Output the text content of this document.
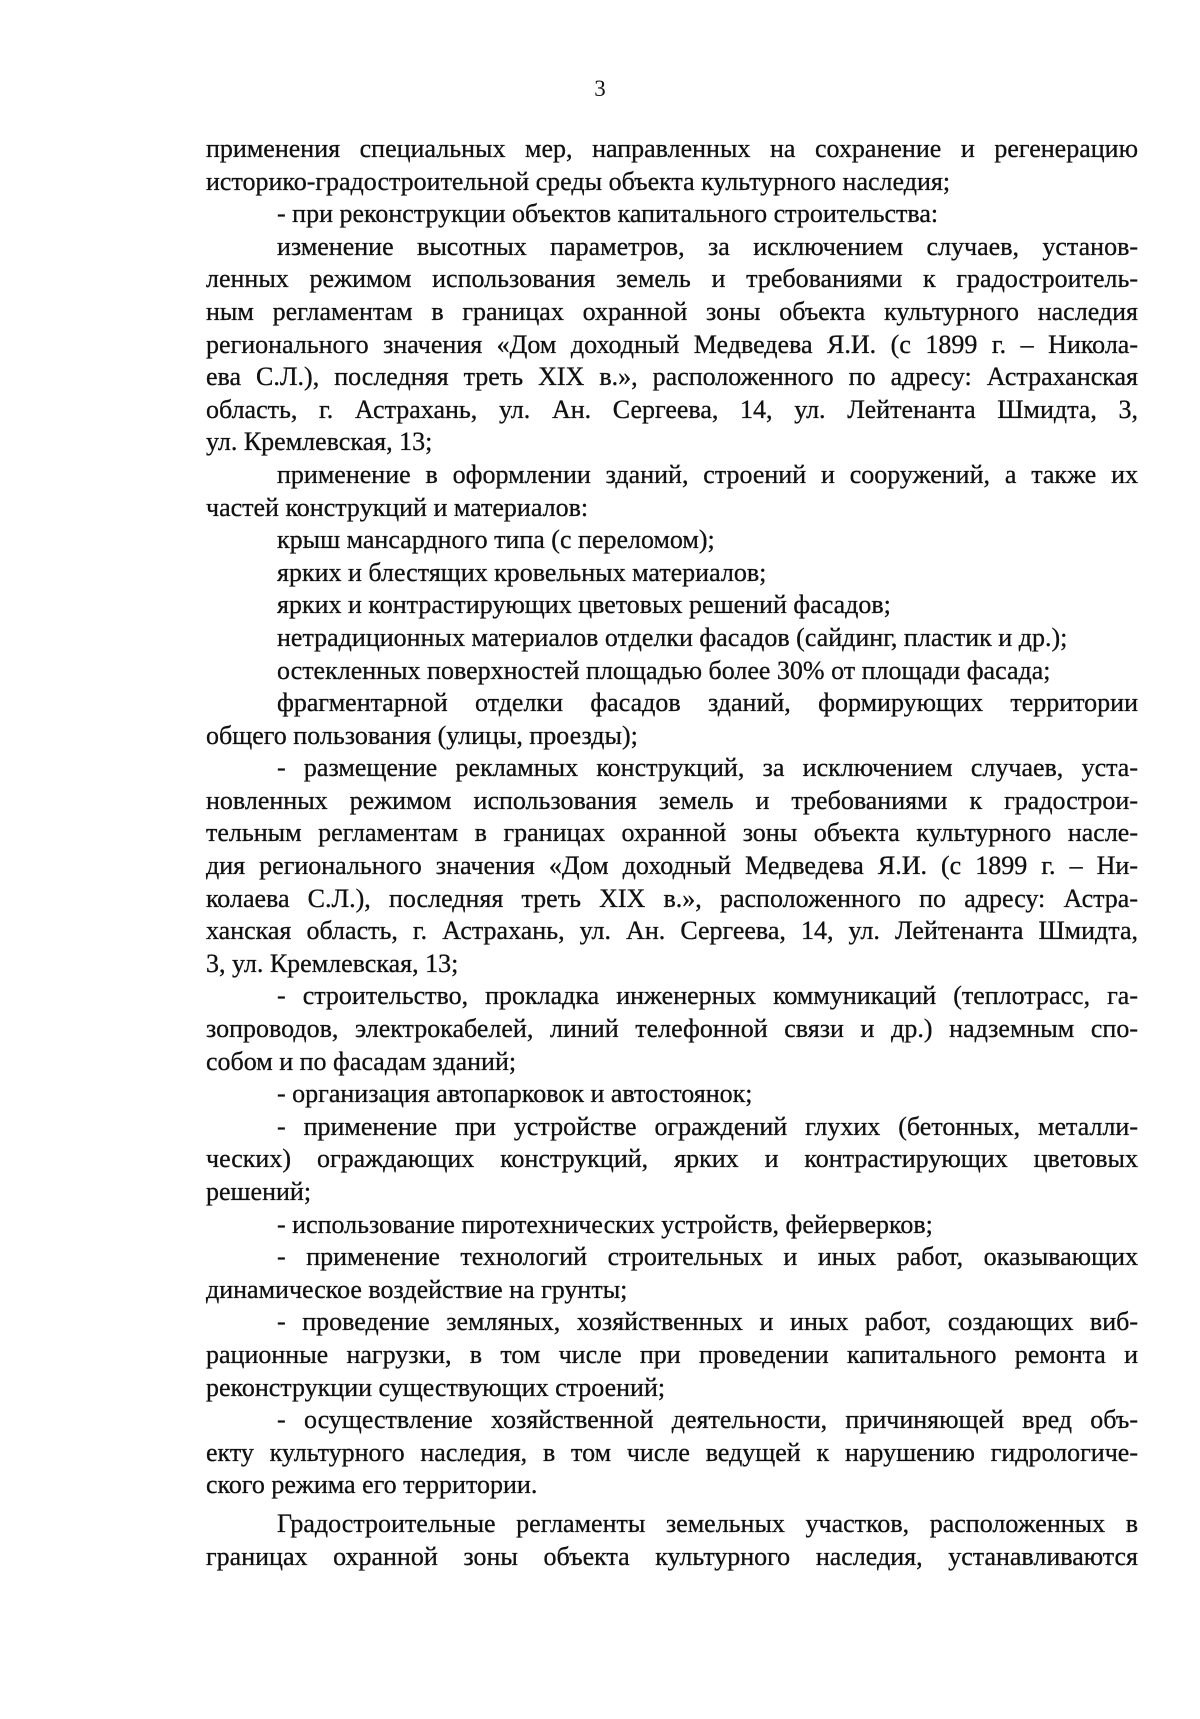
3
применения специальных мер, направленных на сохранение и регенерацию
историко-градостроительной среды объекта культурного наследия;
- при реконструкции объектов капитального строительства:
изменение высотных параметров, за исключением случаев, установ-
ленных режимом использования земель и требованиями к градостроитель-
ным регламентам в границах охранной зоны объекта культурного наследия
регионального значения «Дом доходный Медведева Я.И. (с 1899 г. – Никола-
ева С.Л.), последняя треть XIX в.», расположенного по адресу: Астраханская
область, г. Астрахань, ул. Ан. Сергеева, 14, ул. Лейтенанта Шмидта, 3,
ул. Кремлевская, 13;
применение в оформлении зданий, строений и сооружений, а также их
частей конструкций и материалов:
крыш мансардного типа (с переломом);
ярких и блестящих кровельных материалов;
ярких и контрастирующих цветовых решений фасадов;
нетрадиционных материалов отделки фасадов (сайдинг, пластик и др.);
остекленных поверхностей площадью более 30% от площади фасада;
фрагментарной отделки фасадов зданий, формирующих территории
общего пользования (улицы, проезды);
- размещение рекламных конструкций, за исключением случаев, уста-
новленных режимом использования земель и требованиями к градострои-
тельным регламентам в границах охранной зоны объекта культурного насле-
дия регионального значения «Дом доходный Медведева Я.И. (с 1899 г. – Ни-
колаева С.Л.), последняя треть XIX в.», расположенного по адресу: Астра-
ханская область, г. Астрахань, ул. Ан. Сергеева, 14, ул. Лейтенанта Шмидта,
3, ул. Кремлевская, 13;
- строительство, прокладка инженерных коммуникаций (теплотрасс, га-
зопроводов, электрокабелей, линий телефонной связи и др.) надземным спо-
собом и по фасадам зданий;
- организация автопарковок и автостоянок;
- применение при устройстве ограждений глухих (бетонных, металли-
ческих) ограждающих конструкций, ярких и контрастирующих цветовых
решений;
- использование пиротехнических устройств, фейерверков;
- применение технологий строительных и иных работ, оказывающих
динамическое воздействие на грунты;
- проведение земляных, хозяйственных и иных работ, создающих виб-
рационные нагрузки, в том числе при проведении капитального ремонта и
реконструкции существующих строений;
- осуществление хозяйственной деятельности, причиняющей вред объ-
екту культурного наследия, в том числе ведущей к нарушению гидрологиче-
ского режима его территории.
Градостроительные регламенты земельных участков, расположенных в
границах охранной зоны объекта культурного наследия, устанавливаются
